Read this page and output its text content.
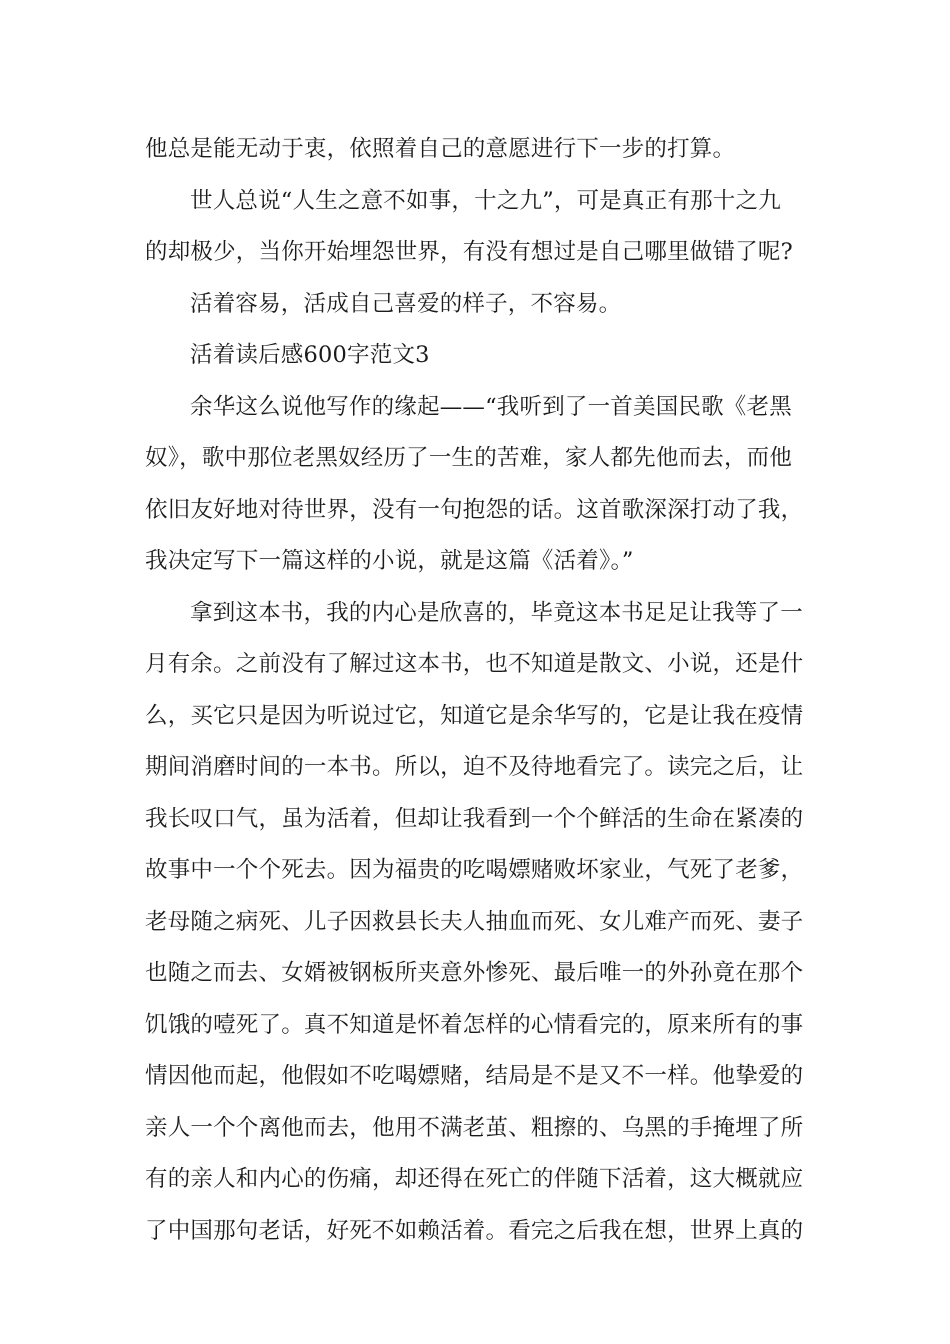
他总是能无动于衷，依照着自己的意愿进行下一步的打算。
世人总说“人生之意不如事，十之九”，可是真正有那十之九
的却极少，当你开始埋怨世界，有没有想过是自己哪里做错了呢?
活着容易，活成自己喜爱的样子，不容易。
活着读后感600字范文3
余华这么说他写作的缘起——“我听到了一首美国民歌《老黑
奴》，歌中那位老黑奴经历了一生的苦难，家人都先他而去，而他
依旧友好地对待世界，没有一句抱怨的话。这首歌深深打动了我，
我决定写下一篇这样的小说，就是这篇《活着》。”
拿到这本书，我的内心是欣喜的，毕竟这本书足足让我等了一
月有余。之前没有了解过这本书，也不知道是散文、小说，还是什
么，买它只是因为听说过它，知道它是余华写的，它是让我在疫情
期间消磨时间的一本书。所以，迫不及待地看完了。读完之后，让
我长叹口气，虽为活着，但却让我看到一个个鲜活的生命在紧凑的
故事中一个个死去。因为福贵的吃喝嫖赌败坏家业，气死了老爹，
老母随之病死、儿子因救县长夫人抽血而死、女儿难产而死、妻子
也随之而去、女婿被钢板所夹意外惨死、最后唯一的外孙竟在那个
饥饿的噎死了。真不知道是怀着怎样的心情看完的，原来所有的事
情因他而起，他假如不吃喝嫖赌，结局是不是又不一样。他挚爱的
亲人一个个离他而去，他用不满老茧、粗擦的、乌黑的手掩埋了所
有的亲人和内心的伤痛，却还得在死亡的伴随下活着，这大概就应
了中国那句老话，好死不如赖活着。看完之后我在想，世界上真的
